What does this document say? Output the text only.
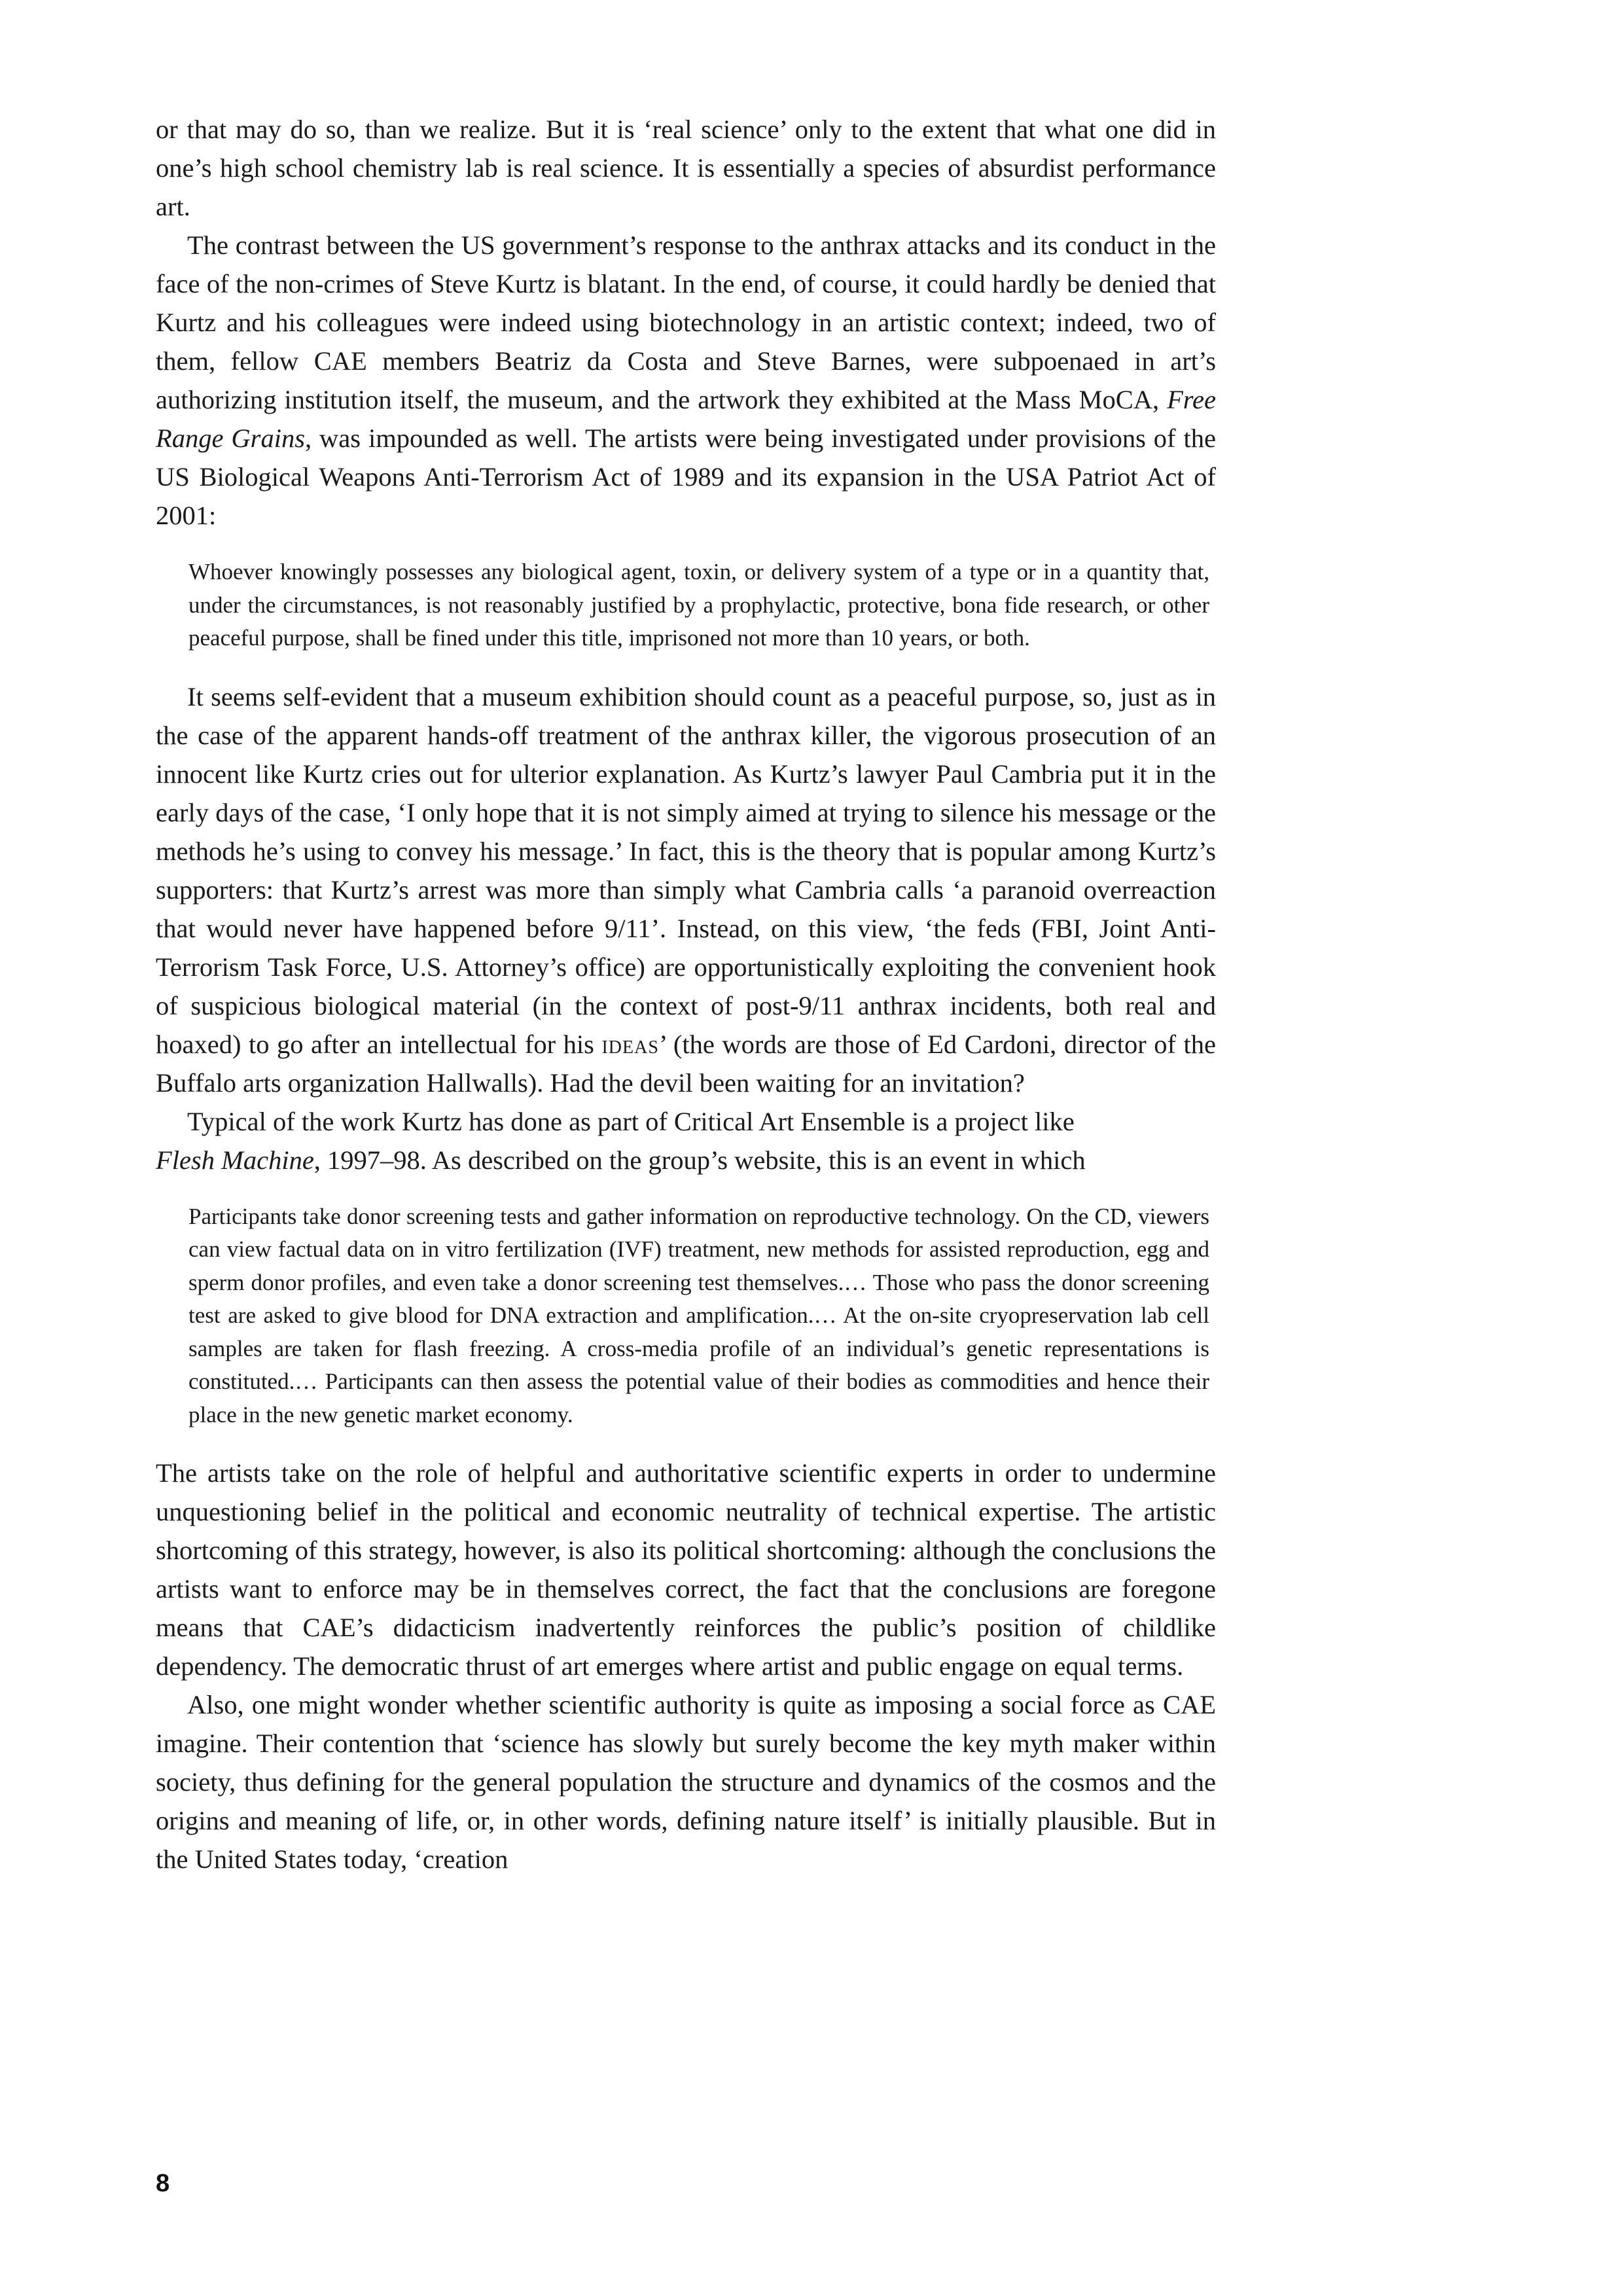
or that may do so, than we realize. But it is ‘real science’ only to the extent that what one did in one’s high school chemistry lab is real science. It is essentially a species of absurdist performance art.

The contrast between the US government’s response to the anthrax attacks and its conduct in the face of the non-crimes of Steve Kurtz is blatant. In the end, of course, it could hardly be denied that Kurtz and his colleagues were indeed using biotechnology in an artistic context; indeed, two of them, fellow CAE members Beatriz da Costa and Steve Barnes, were subpoenaed in art’s authorizing institution itself, the museum, and the artwork they exhibited at the Mass MoCA, Free Range Grains, was impounded as well. The artists were being investigated under provisions of the US Biological Weapons Anti-Terrorism Act of 1989 and its expansion in the USA Patriot Act of 2001:

Whoever knowingly possesses any biological agent, toxin, or delivery system of a type or in a quantity that, under the circumstances, is not reasonably justified by a prophylactic, protective, bona fide research, or other peaceful purpose, shall be fined under this title, imprisoned not more than 10 years, or both.

It seems self-evident that a museum exhibition should count as a peaceful purpose, so, just as in the case of the apparent hands-off treatment of the anthrax killer, the vigorous prosecution of an innocent like Kurtz cries out for ulterior explanation. As Kurtz’s lawyer Paul Cambria put it in the early days of the case, ‘I only hope that it is not simply aimed at trying to silence his message or the methods he’s using to convey his message.’ In fact, this is the theory that is popular among Kurtz’s supporters: that Kurtz’s arrest was more than simply what Cambria calls ‘a paranoid overreaction that would never have happened before 9/11’. Instead, on this view, ‘the feds (FBI, Joint Anti-Terrorism Task Force, U.S. Attorney’s office) are opportunistically exploiting the convenient hook of suspicious biological material (in the context of post-9/11 anthrax incidents, both real and hoaxed) to go after an intellectual for his ideas’ (the words are those of Ed Cardoni, director of the Buffalo arts organization Hallwalls). Had the devil been waiting for an invitation?

Typical of the work Kurtz has done as part of Critical Art Ensemble is a project like
Flesh Machine, 1997–98. As described on the group’s website, this is an event in which

Participants take donor screening tests and gather information on reproductive technology. On the CD, viewers can view factual data on in vitro fertilization (IVF) treatment, new methods for assisted reproduction, egg and sperm donor profiles, and even take a donor screening test themselves.… Those who pass the donor screening test are asked to give blood for DNA extraction and amplification.… At the on-site cryopreservation lab cell samples are taken for flash freezing. A cross-media profile of an individual’s genetic representations is constituted.… Participants can then assess the potential value of their bodies as commodities and hence their place in the new genetic market economy.

The artists take on the role of helpful and authoritative scientific experts in order to undermine unquestioning belief in the political and economic neutrality of technical expertise. The artistic shortcoming of this strategy, however, is also its political shortcoming: although the conclusions the artists want to enforce may be in themselves correct, the fact that the conclusions are foregone means that CAE’s didacticism inadvertently reinforces the public’s position of childlike dependency. The democratic thrust of art emerges where artist and public engage on equal terms.

Also, one might wonder whether scientific authority is quite as imposing a social force as CAE imagine. Their contention that ‘science has slowly but surely become the key myth maker within society, thus defining for the general population the structure and dynamics of the cosmos and the origins and meaning of life, or, in other words, defining nature itself’ is initially plausible. But in the United States today, ‘creation

8
